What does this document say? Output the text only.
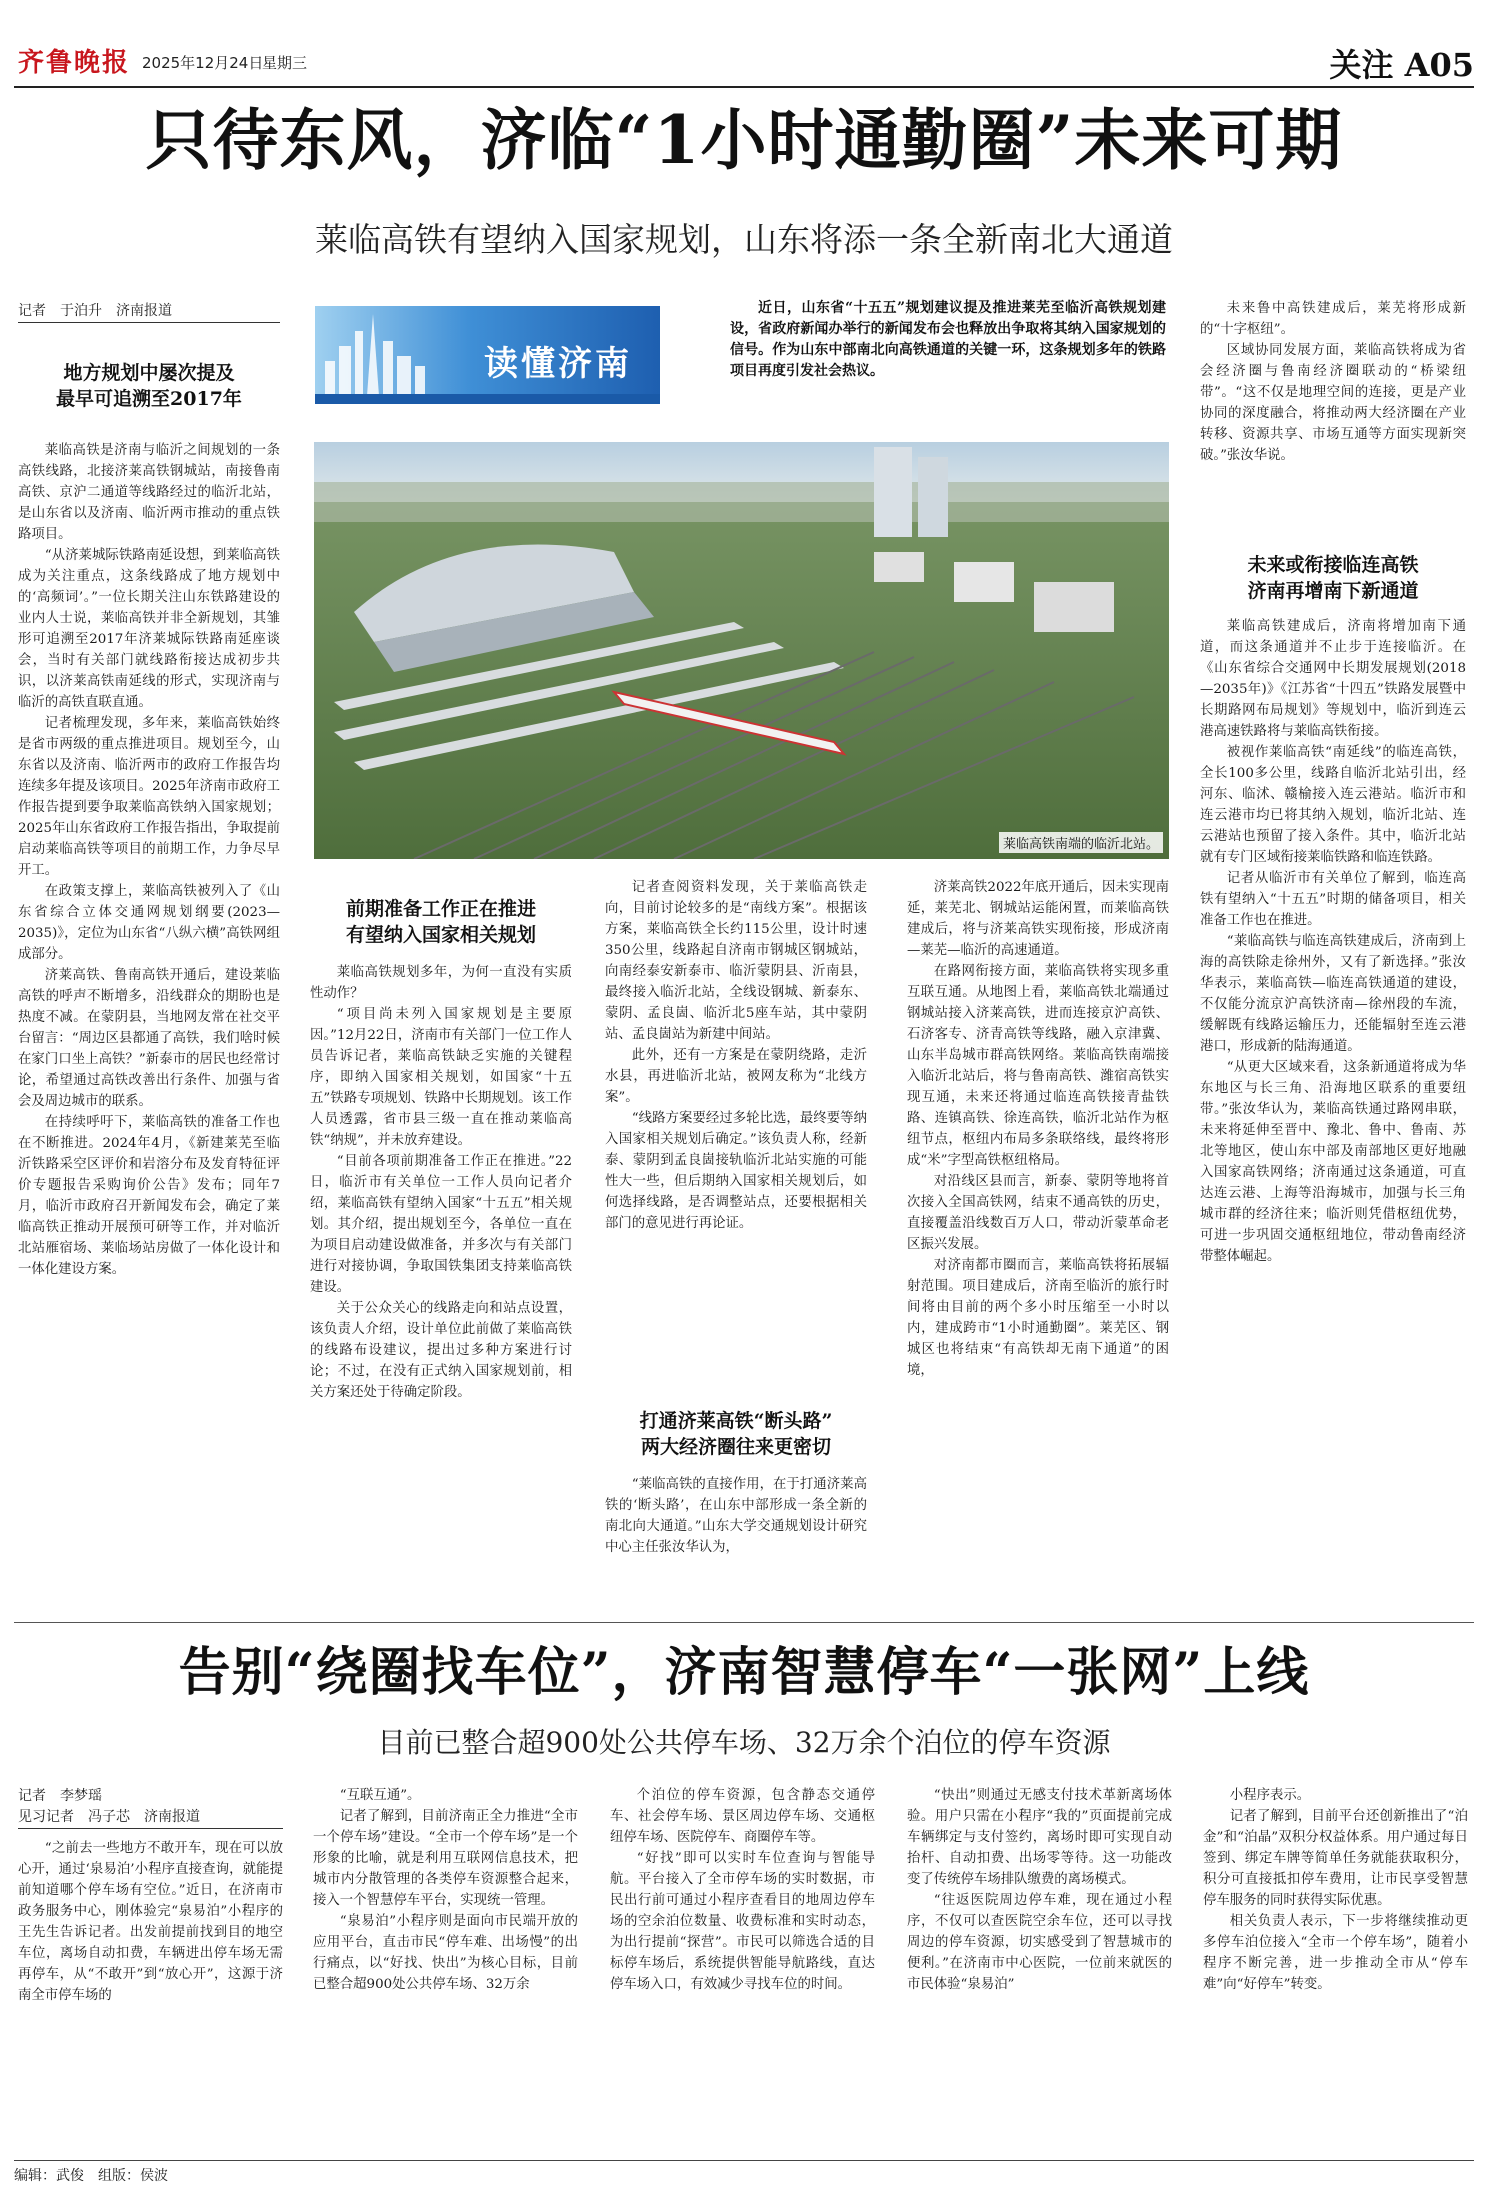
齐鲁晚报 2025年12月24日
星期三	关注 A05
只待东风，济临“1小时通勤圈”未来可期
莱临高铁有望纳入国家规划，山东将添一条全新南北大通道
记者　于泊升　济南报道
读懂济南
近日，山东省“十五五”规划建议提及推进莱芜至临沂高铁规划建设，省政府新闻办举行的新闻发布会也释放出争取将其纳入国家规划的信号。作为山东中部南北向高铁通道的关键一环，这条规划多年的铁路项目再度引发社会热议。
莱临高铁南端的临沂北站。
地方规划中屡次提及
最早可追溯至2017年

莱临高铁是济南与临沂之间规划的一条高铁线路，北接济莱高铁钢城站，南接鲁南高铁、京沪二通道等线路经过的临沂北站，是山东省以及济南、临沂两市推动的重点铁路项目。

“从济莱城际铁路南延设想，到莱临高铁成为关注重点，这条线路成了地方规划中的‘高频词’。”一位长期关注山东铁路建设的业内人士说，莱临高铁并非全新规划，其雏形可追溯至2017年济莱城际铁路南延座谈会，当时有关部门就线路衔接达成初步共识，以济莱高铁南延线的形式，实现济南与临沂的高铁直联直通。

记者梳理发现，多年来，莱临高铁始终是省市两级的重点推进项目。规划至今，山东省以及济南、临沂两市的政府工作报告均连续多年提及该项目。2025年济南市政府工作报告提到要争取莱临高铁纳入国家规划；2025年山东省政府工作报告指出，争取提前启动莱临高铁等项目的前期工作，力争尽早开工。

在政策支撑上，莱临高铁被列入了《山东省综合立体交通网规划纲要(2023—2035)》，定位为山东省“八纵六横”高铁网组成部分。

济莱高铁、鲁南高铁开通后，建设莱临高铁的呼声不断增多，沿线群众的期盼也是热度不减。在蒙阴县，当地网友常在社交平台留言：“周边区县都通了高铁，我们啥时候在家门口坐上高铁？”新泰市的居民也经常讨论，希望通过高铁改善出行条件、加强与省会及周边城市的联系。

在持续呼吁下，莱临高铁的准备工作也在不断推进。2024年4月，《新建莱芜至临沂铁路采空区评价和岩溶分布及发育特征评价专题报告采购询价公告》发布；同年7月，临沂市政府召开新闻发布会，确定了莱临高铁正推动开展预可研等工作，并对临沂北站雁宿场、莱临场站房做了一体化设计和一体化建设方案。

前期准备工作正在推进
有望纳入国家相关规划

莱临高铁规划多年，为何一直没有实质性动作？

“项目尚未列入国家规划是主要原因。”12月22日，济南市有关部门一位工作人员告诉记者，莱临高铁缺乏实施的关键程序，即纳入国家相关规划，如国家“十五五”铁路专项规划、铁路中长期规划。该工作人员透露，省市县三级一直在推动莱临高铁“纳规”，并未放弃建设。

“目前各项前期准备工作正在推进。”22日，临沂市有关单位一工作人员向记者介绍，莱临高铁有望纳入国家“十五五”相关规划。其介绍，提出规划至今，各单位一直在为项目启动建设做准备，并多次与有关部门进行对接协调，争取国铁集团支持莱临高铁建设。

关于公众关心的线路走向和站点设置，该负责人介绍，设计单位此前做了莱临高铁的线路布设建议，提出过多种方案进行讨论；不过，在没有正式纳入国家规划前，相关方案还处于待确定阶段。

记者查阅资料发现，关于莱临高铁走向，目前讨论较多的是“南线方案”。根据该方案，莱临高铁全长约115公里，设计时速350公里，线路起自济南市钢城区钢城站，向南经泰安新泰市、临沂蒙阴县、沂南县，最终接入临沂北站，全线设钢城、新泰东、蒙阴、孟良崮、临沂北5座车站，其中蒙阴站、孟良崮站为新建中间站。

此外，还有一方案是在蒙阴绕路，走沂水县，再进临沂北站，被网友称为“北线方案”。

“线路方案要经过多轮比选，最终要等纳入国家相关规划后确定。”该负责人称，经新泰、蒙阴到孟良崮接轨临沂北站实施的可能性大一些，但后期纳入国家相关规划后，如何选择线路，是否调整站点，还要根据相关部门的意见进行再论证。

打通济莱高铁“断头路”
两大经济圈往来更密切

“莱临高铁的直接作用，在于打通济莱高铁的‘断头路’，在山东中部形成一条全新的南北向大通道。”山东大学交通规划设计研究中心主任张汝华认为，

济莱高铁2022年底开通后，因未实现南延，莱芜北、钢城站运能闲置，而莱临高铁建成后，将与济莱高铁实现衔接，形成济南—莱芜—临沂的高速通道。

在路网衔接方面，莱临高铁将实现多重互联互通。从地图上看，莱临高铁北端通过钢城站接入济莱高铁，进而连接京沪高铁、石济客专、济青高铁等线路，融入京津冀、山东半岛城市群高铁网络。莱临高铁南端接入临沂北站后，将与鲁南高铁、潍宿高铁实现互通，未来还将通过临连高铁接青盐铁路、连镇高铁、徐连高铁，临沂北站作为枢纽节点，枢纽内布局多条联络线，最终将形成“米”字型高铁枢纽格局。

对沿线区县而言，新泰、蒙阴等地将首次接入全国高铁网，结束不通高铁的历史，直接覆盖沿线数百万人口，带动沂蒙革命老区振兴发展。

对济南都市圈而言，莱临高铁将拓展辐射范围。项目建成后，济南至临沂的旅行时间将由目前的两个多小时压缩至一小时以内，建成跨市“1小时通勤圈”。莱芜区、钢城区也将结束“有高铁却无南下通道”的困境，

未来鲁中高铁建成后，莱芜将形成新的“十字枢纽”。

区域协同发展方面，莱临高铁将成为省会经济圈与鲁南经济圈联动的“桥梁纽带”。“这不仅是地理空间的连接，更是产业协同的深度融合，将推动两大经济圈在产业转移、资源共享、市场互通等方面实现新突破。”张汝华说。

未来或衔接临连高铁
济南再增南下新通道

莱临高铁建成后，济南将增加南下通道，而这条通道并不止步于连接临沂。在《山东省综合交通网中长期发展规划(2018—2035年)》《江苏省“十四五”铁路发展暨中长期路网布局规划》等规划中，临沂到连云港高速铁路将与莱临高铁衔接。

被视作莱临高铁“南延线”的临连高铁，全长100多公里，线路自临沂北站引出，经河东、临沭、赣榆接入连云港站。临沂市和连云港市均已将其纳入规划，临沂北站、连云港站也预留了接入条件。其中，临沂北站就有专门区域衔接莱临铁路和临连铁路。

记者从临沂市有关单位了解到，临连高铁有望纳入“十五五”时期的储备项目，相关准备工作也在推进。

“莱临高铁与临连高铁建成后，济南到上海的高铁除走徐州外，又有了新选择。”张汝华表示，莱临高铁—临连高铁通道的建设，不仅能分流京沪高铁济南—徐州段的车流，缓解既有线路运输压力，还能辐射至连云港港口，形成新的陆海通道。

“从更大区域来看，这条新通道将成为华东地区与长三角、沿海地区联系的重要纽带。”张汝华认为，莱临高铁通过路网串联，未来将延伸至晋中、豫北、鲁中、鲁南、苏北等地区，使山东中部及南部地区更好地融入国家高铁网络；济南通过这条通道，可直达连云港、上海等沿海城市，加强与长三角城市群的经济往来；临沂则凭借枢纽优势，可进一步巩固交通枢纽地位，带动鲁南经济带整体崛起。

告别“绕圈找车位”，济南智慧停车“一张网”上线
目前已整合超900处公共停车场、32万余个泊位的停车资源
记者　李梦瑶
见习记者　冯子芯　济南报道

“之前去一些地方不敢开车，现在可以放心开，通过‘泉易泊’小程序直接查询，就能提前知道哪个停车场有空位。”近日，在济南市政务服务中心，刚体验完“泉易泊”小程序的王先生告诉记者。出发前提前找到目的地空车位，离场自动扣费，车辆进出停车场无需再停车，从“不敢开”到“放心开”，这源于济南全市停车场的

“互联互通”。

记者了解到，目前济南正全力推进“全市一个停车场”建设。“全市一个停车场”是一个形象的比喻，就是利用互联网信息技术，把城市内分散管理的各类停车资源整合起来，接入一个智慧停车平台，实现统一管理。

“泉易泊”小程序则是面向市民端开放的应用平台，直击市民“停车难、出场慢”的出行痛点，以“好找、快出”为核心目标，目前已整合超900处公共停车场、32万余

个泊位的停车资源，包含静态交通停车、社会停车场、景区周边停车场、交通枢纽停车场、医院停车、商圈停车等。

“好找”即可以实时车位查询与智能导航。平台接入了全市停车场的实时数据，市民出行前可通过小程序查看目的地周边停车场的空余泊位数量、收费标准和实时动态，为出行提前“探营”。市民可以筛选合适的目标停车场后，系统提供智能导航路线，直达停车场入口，有效减少寻找车位的时间。

“快出”则通过无感支付技术革新离场体验。用户只需在小程序“我的”页面提前完成车辆绑定与支付签约，离场时即可实现自动抬杆、自动扣费、出场零等待。这一功能改变了传统停车场排队缴费的离场模式。

“往返医院周边停车难，现在通过小程序，不仅可以查医院空余车位，还可以寻找周边的停车资源，切实感受到了智慧城市的便利。”在济南市中心医院，一位前来就医的市民体验“泉易泊”

小程序表示。

记者了解到，目前平台还创新推出了“泊金”和“泊晶”双积分权益体系。用户通过每日签到、绑定车牌等简单任务就能获取积分，积分可直接抵扣停车费用，让市民享受智慧停车服务的同时获得实际优惠。

相关负责人表示，下一步将继续推动更多停车泊位接入“全市一个停车场”，随着小程序不断完善，进一步推动全市从“停车难”向“好停车”转变。

编辑：武俊　组版：侯波
